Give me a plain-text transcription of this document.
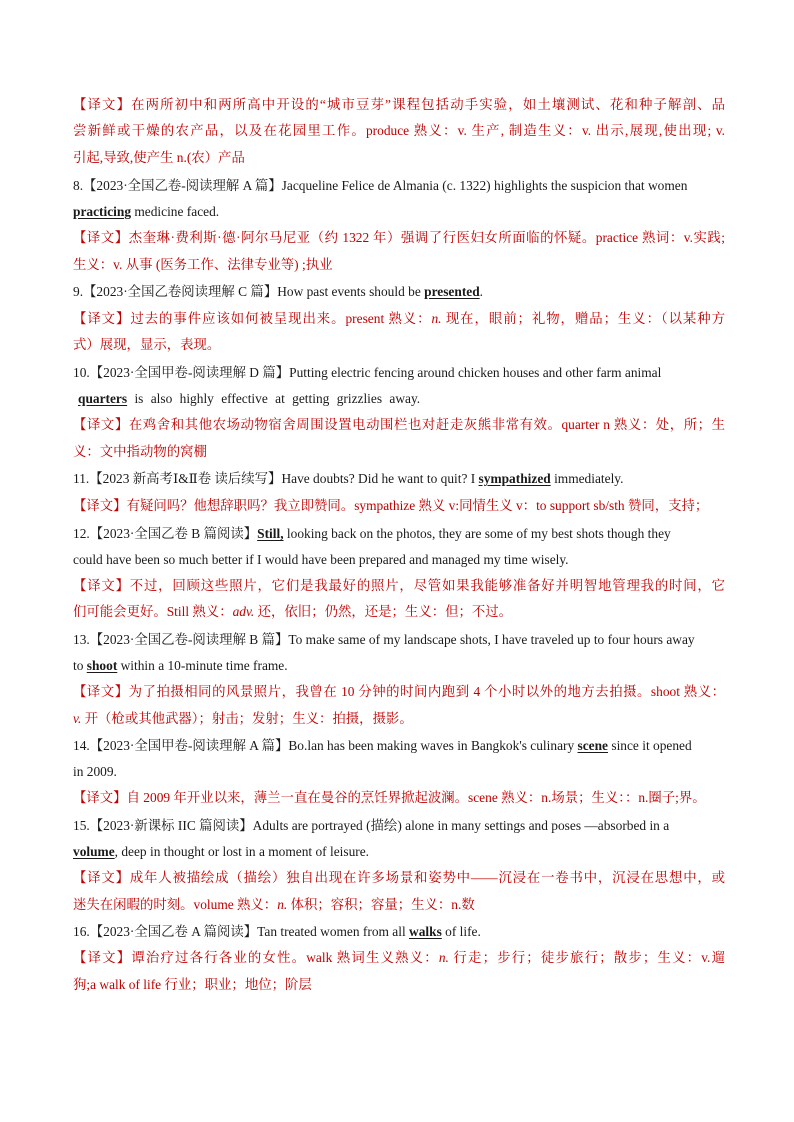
【译文】在两所初中和两所高中开设的“城市豆芽”课程包括动手实验，如土壤测试、花和种子解剖、品
尝新鲜或干燥的农产品，以及在花园里工作。produce 熟义：v. 生产, 制造生义：v. 出示,展现,使出现; v.
引起,导致,使产生 n.(农）产品
8.【2023·全国乙卷-阅读理解 A 篇】Jacqueline Felice de Almania (c. 1322) highlights the suspicion that women
practicing medicine faced.
【译文】杰奎琳·费利斯·德·阿尔马尼亚（约 1322 年）强调了行医妇女所面临的怀疑。practice 熟词：v.实践;
生义：v. 从事 (医务工作、法律专业等) ;执业
9.【2023·全国乙卷阅读理解 C 篇】How past events should be presented.
【译文】过去的事件应该如何被呈现出来。present 熟义：n. 现在，眼前；礼物，赠品；生义：（以某种方
式）展现，显示，表现。
10.【2023·全国甲卷-阅读理解 D 篇】Putting electric fencing around chicken houses and other farm animal
quarters is also highly effective at getting grizzlies away.
【译文】在鸡舍和其他农场动物宿舍周围设置电动围栏也对赶走灰熊非常有效。quarter n 熟义：处，所；生
义：文中指动物的窝棚
11.【2023 新高考Ⅰ&Ⅱ卷 读后续写】Have doubts? Did he want to quit? I sympathized immediately.
【译文】有疑问吗？他想辞职吗？我立即赞同。sympathize 熟义 v:同情生义 v：to support sb/sth 赞同，支持；
12.【2023·全国乙卷 B 篇阅读】Still, looking back on the photos, they are some of my best shots though they
could have been so much better if I would have been prepared and managed my time wisely.
【译文】不过，回顾这些照片，它们是我最好的照片，尽管如果我能够准备好并明智地管理我的时间，它
们可能会更好。Still 熟义：adv. 还，依旧；仍然，还是；生义：但；不过。
13.【2023·全国乙卷-阅读理解 B 篇】To make same of my landscape shots, I have traveled up to four hours away
to shoot within a 10-minute time frame.
【译文】为了拍摄相同的风景照片，我曾在 10 分钟的时间内跑到 4 个小时以外的地方去拍摄。shoot 熟义：
v. 开（枪或其他武器）；射击；发射；生义：拍摄，摄影。
14.【2023·全国甲卷-阅读理解 A 篇】Bo.lan has been making waves in Bangkok's culinary scene since it opened
in 2009.
【译文】自 2009 年开业以来，薄兰一直在曼谷的烹饪界掀起波澜。scene 熟义：n.场景；生义：：n.圈子;界。
15.【2023·新课标 IIC 篇阅读】Adults are portrayed (描绘) alone in many settings and poses —absorbed in a
volume, deep in thought or lost in a moment of leisure.
【译文】成年人被描绘成（描绘）独自出现在许多场景和姿势中——沉浸在一卷书中，沉浸在思想中，或
迷失在闲暇的时刻。volume 熟义：n. 体积；容积；容量；生义：n.数
16.【2023·全国乙卷 A 篇阅读】Tan treated women from all walks of life.
【译文】谭治疗过各行各业的女性。walk 熟词生义熟义：n. 行走；步行；徒步旅行；散步；生义：v.遛
狗;a walk of life 行业；职业；地位；阶层
